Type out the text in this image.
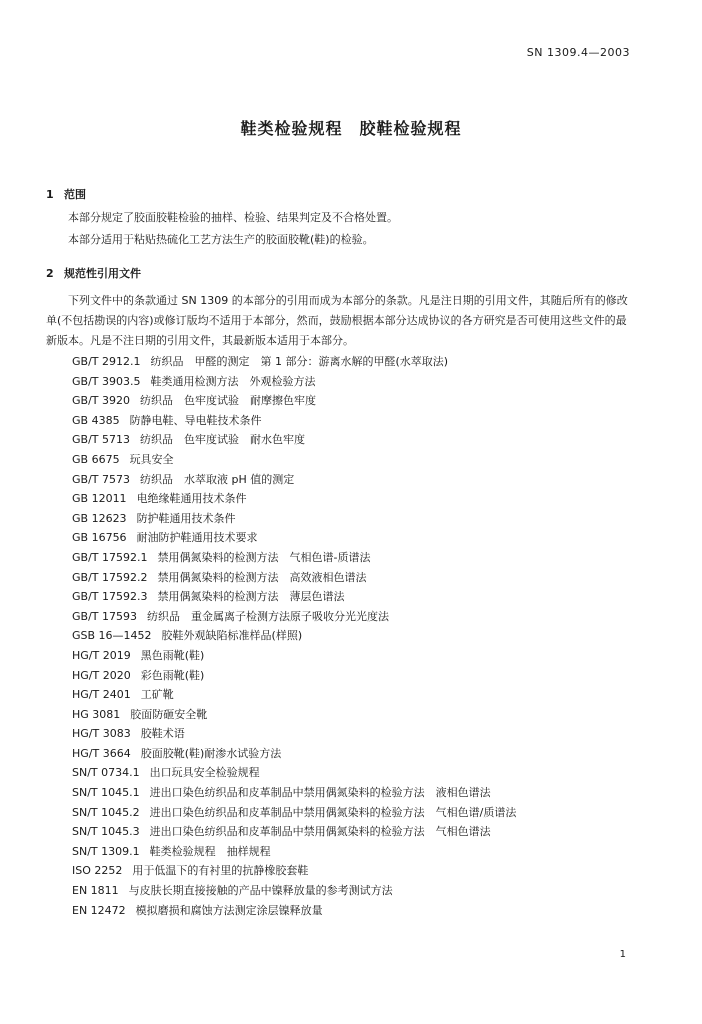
SN 1309.4—2003
鞋类检验规程　胶鞋检验规程
1 范围
本部分规定了胶面胶鞋检验的抽样、检验、结果判定及不合格处置。
本部分适用于粘贴热硫化工艺方法生产的胶面胶靴(鞋)的检验。
2 规范性引用文件
下列文件中的条款通过 SN 1309 的本部分的引用而成为本部分的条款。凡是注日期的引用文件，其随后所有的修改单(不包括勘误的内容)或修订版均不适用于本部分，然而，鼓励根据本部分达成协议的各方研究是否可使用这些文件的最新版本。凡是不注日期的引用文件，其最新版本适用于本部分。
GB/T 2912.1 纺织品　甲醛的测定　第 1 部分：游离水解的甲醛(水萃取法)
GB/T 3903.5 鞋类通用检测方法　外观检验方法
GB/T 3920 纺织品　色牢度试验　耐摩擦色牢度
GB 4385 防静电鞋、导电鞋技术条件
GB/T 5713 纺织品　色牢度试验　耐水色牢度
GB 6675 玩具安全
GB/T 7573 纺织品　水萃取液 pH 值的测定
GB 12011 电绝缘鞋通用技术条件
GB 12623 防护鞋通用技术条件
GB 16756 耐油防护鞋通用技术要求
GB/T 17592.1 禁用偶氮染料的检测方法　气相色谱-质谱法
GB/T 17592.2 禁用偶氮染料的检测方法　高效液相色谱法
GB/T 17592.3 禁用偶氮染料的检测方法　薄层色谱法
GB/T 17593 纺织品　重金属离子检测方法原子吸收分光光度法
GSB 16—1452 胶鞋外观缺陷标准样品(样照)
HG/T 2019 黑色雨靴(鞋)
HG/T 2020 彩色雨靴(鞋)
HG/T 2401 工矿靴
HG 3081 胶面防砸安全靴
HG/T 3083 胶鞋术语
HG/T 3664 胶面胶靴(鞋)耐渗水试验方法
SN/T 0734.1 出口玩具安全检验规程
SN/T 1045.1 进出口染色纺织品和皮革制品中禁用偶氮染料的检验方法　液相色谱法
SN/T 1045.2 进出口染色纺织品和皮革制品中禁用偶氮染料的检验方法　气相色谱/质谱法
SN/T 1045.3 进出口染色纺织品和皮革制品中禁用偶氮染料的检验方法　气相色谱法
SN/T 1309.1 鞋类检验规程　抽样规程
ISO 2252 用于低温下的有衬里的抗静橡胶套鞋
EN 1811 与皮肤长期直接接触的产品中镍释放量的参考测试方法
EN 12472 模拟磨损和腐蚀方法测定涂层镍释放量
1
